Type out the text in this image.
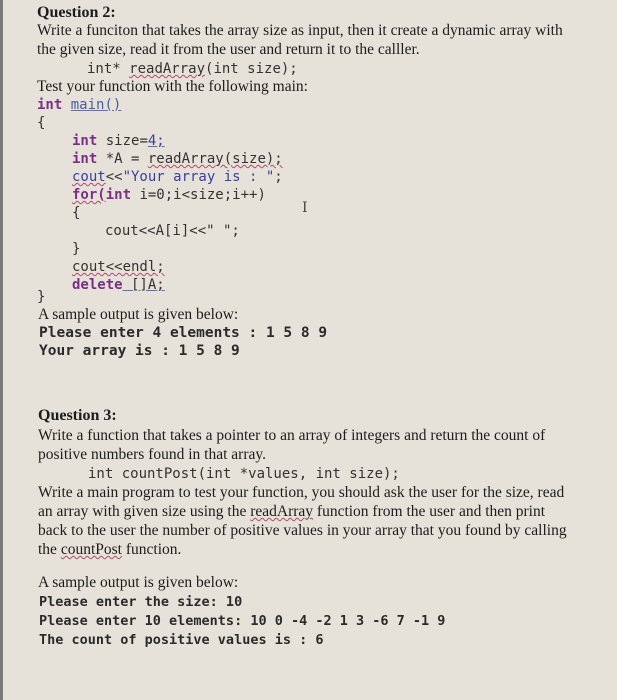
Question 2:
Write a funciton that takes the array size as input, then it create a dynamic array with
the given size, read it from the user and return it to the calller.
int* readArray(int size);
Test your function with the following main:
int main()
{
int size=4;
int *A = readArray(size);
cout<<"Your array is : ";
for(int i=0;i<size;i++)
{
cout<<A[i]<<" ";
}
cout<<endl;
delete []A;
}
I
A sample output is given below:
Please enter 4 elements : 1 5 8 9
Your array is : 1 5 8 9
Question 3:
Write a function that takes a pointer to an array of integers and return the count of
positive numbers found in that array.
int countPost(int *values, int size);
Write a main program to test your function, you should ask the user for the size, read
an array with given size using the readArray function from the user and then print
back to the user the number of positive values in your array that you found by calling
the countPost function.
A sample output is given below:
Please enter the size: 10
Please enter 10 elements: 10 0 -4 -2 1 3 -6 7 -1 9
The count of positive values is : 6
